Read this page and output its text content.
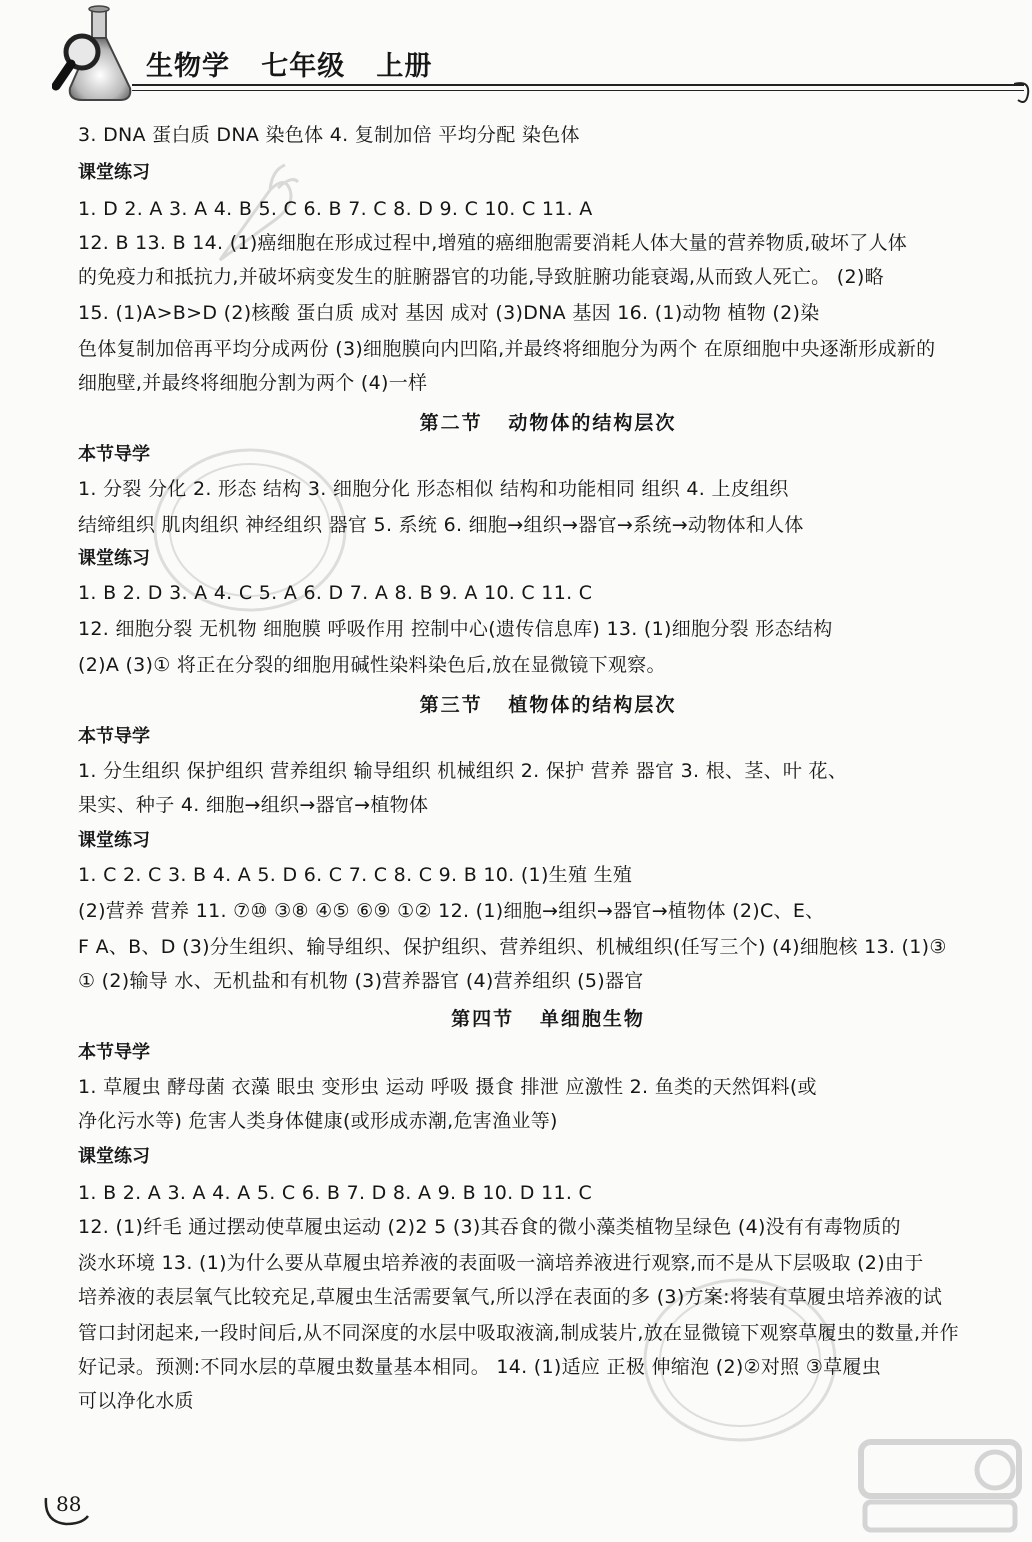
生物学   七年级   上册
3. DNA 蛋白质 DNA 染色体 4. 复制加倍 平均分配 染色体
课堂练习
1. D 2. A 3. A 4. B 5. C 6. B 7. C 8. D 9. C 10. C 11. A
12. B 13. B 14. (1)癌细胞在形成过程中,增殖的癌细胞需要消耗人体大量的营养物质,破坏了人体
的免疫力和抵抗力,并破坏病变发生的脏腑器官的功能,导致脏腑功能衰竭,从而致人死亡。 (2)略
15. (1)A>B>D (2)核酸 蛋白质 成对 基因 成对 (3)DNA 基因 16. (1)动物 植物 (2)染
色体复制加倍再平均分成两份 (3)细胞膜向内凹陷,并最终将细胞分为两个 在原细胞中央逐渐形成新的
细胞壁,并最终将细胞分割为两个 (4)一样
第二节   动物体的结构层次
本节导学
1. 分裂 分化 2. 形态 结构 3. 细胞分化 形态相似 结构和功能相同 组织 4. 上皮组织
结缔组织 肌肉组织 神经组织 器官 5. 系统 6. 细胞→组织→器官→系统→动物体和人体
课堂练习
1. B 2. D 3. A 4. C 5. A 6. D 7. A 8. B 9. A 10. C 11. C
12. 细胞分裂 无机物 细胞膜 呼吸作用 控制中心(遗传信息库) 13. (1)细胞分裂 形态结构
(2)A (3)① 将正在分裂的细胞用碱性染料染色后,放在显微镜下观察。
第三节   植物体的结构层次
本节导学
1. 分生组织 保护组织 营养组织 输导组织 机械组织 2. 保护 营养 器官 3. 根、茎、叶 花、
果实、种子 4. 细胞→组织→器官→植物体
课堂练习
1. C 2. C 3. B 4. A 5. D 6. C 7. C 8. C 9. B 10. (1)生殖 生殖
(2)营养 营养 11. ⑦⑩ ③⑧ ④⑤ ⑥⑨ ①② 12. (1)细胞→组织→器官→植物体 (2)C、E、
F A、B、D (3)分生组织、输导组织、保护组织、营养组织、机械组织(任写三个) (4)细胞核 13. (1)③
① (2)输导 水、无机盐和有机物 (3)营养器官 (4)营养组织 (5)器官
第四节   单细胞生物
本节导学
1. 草履虫 酵母菌 衣藻 眼虫 变形虫 运动 呼吸 摄食 排泄 应激性 2. 鱼类的天然饵料(或
净化污水等) 危害人类身体健康(或形成赤潮,危害渔业等)
课堂练习
1. B 2. A 3. A 4. A 5. C 6. B 7. D 8. A 9. B 10. D 11. C
12. (1)纤毛 通过摆动使草履虫运动 (2)2 5 (3)其吞食的微小藻类植物呈绿色 (4)没有有毒物质的
淡水环境 13. (1)为什么要从草履虫培养液的表面吸一滴培养液进行观察,而不是从下层吸取 (2)由于
培养液的表层氧气比较充足,草履虫生活需要氧气,所以浮在表面的多 (3)方案:将装有草履虫培养液的试
管口封闭起来,一段时间后,从不同深度的水层中吸取液滴,制成装片,放在显微镜下观察草履虫的数量,并作
好记录。预测:不同水层的草履虫数量基本相同。 14. (1)适应 正极 伸缩泡 (2)②对照 ③草履虫
可以净化水质
88
